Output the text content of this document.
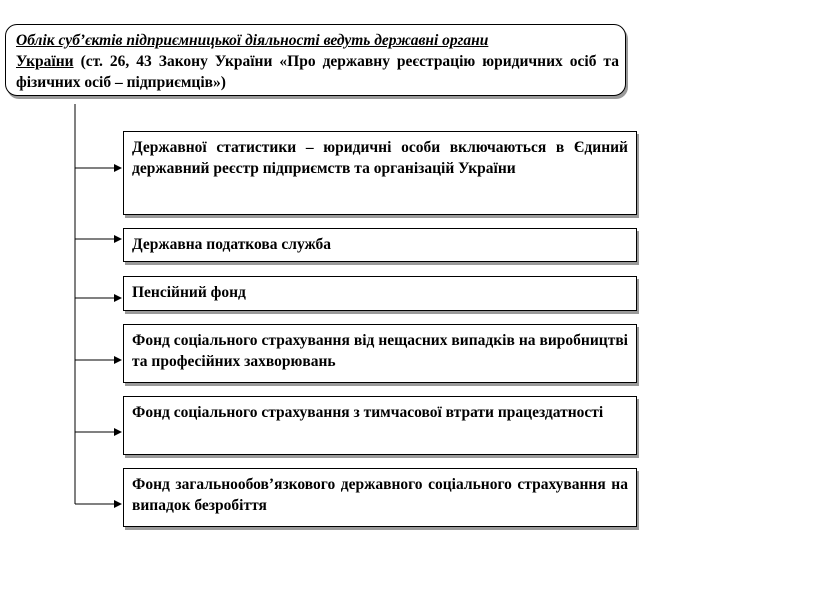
Облік суб’єктів підприємницької діяльності ведуть державні органи
України (ст. 26, 43 Закону України «Про державну реєстрацію юридичних осіб та фізичних осіб – підприємців»)
Державної статистики – юридичні особи включаються в Єдиний державний реєстр підприємств та організацій України
Державна податкова служба
Пенсійний фонд
Фонд соціального страхування від нещасних випадків на виробництві та професійних захворювань
Фонд соціального страхування з тимчасової втрати працездатності
Фонд загальнообов’язкового державного соціального страхування на випадок безробіття
